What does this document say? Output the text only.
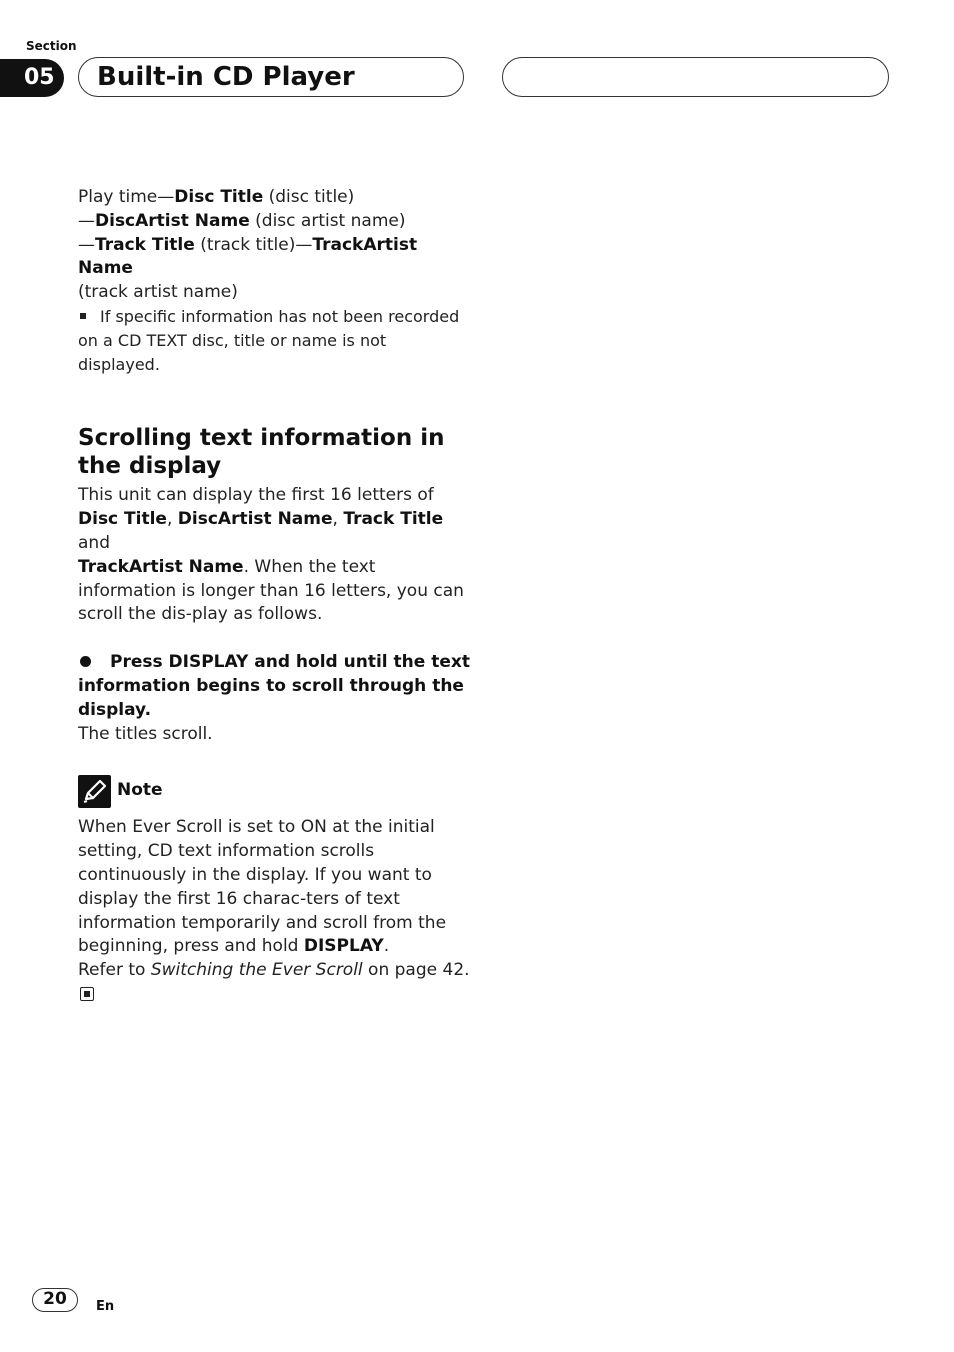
Section
05	Built-in CD Player

Play time—Disc Title (disc title)
—DiscArtist Name (disc artist name)
—Track Title (track title)—TrackArtist Name
(track artist name)

If specific information has not been recorded on a CD TEXT disc, title or name is not displayed.

Scrolling text information in the display

This unit can display the first 16 letters of
Disc Title, DiscArtist Name, Track Title and
TrackArtist Name. When the text information is longer than 16 letters, you can scroll the dis-play as follows.

Press DISPLAY and hold until the text information begins to scroll through the display.

The titles scroll.

Note

When Ever Scroll is set to ON at the initial setting, CD text information scrolls continuously in the display. If you want to display the first 16 charac-ters of text information temporarily and scroll from the beginning, press and hold DISPLAY.
Refer to Switching the Ever Scroll on page 42.

20	En
